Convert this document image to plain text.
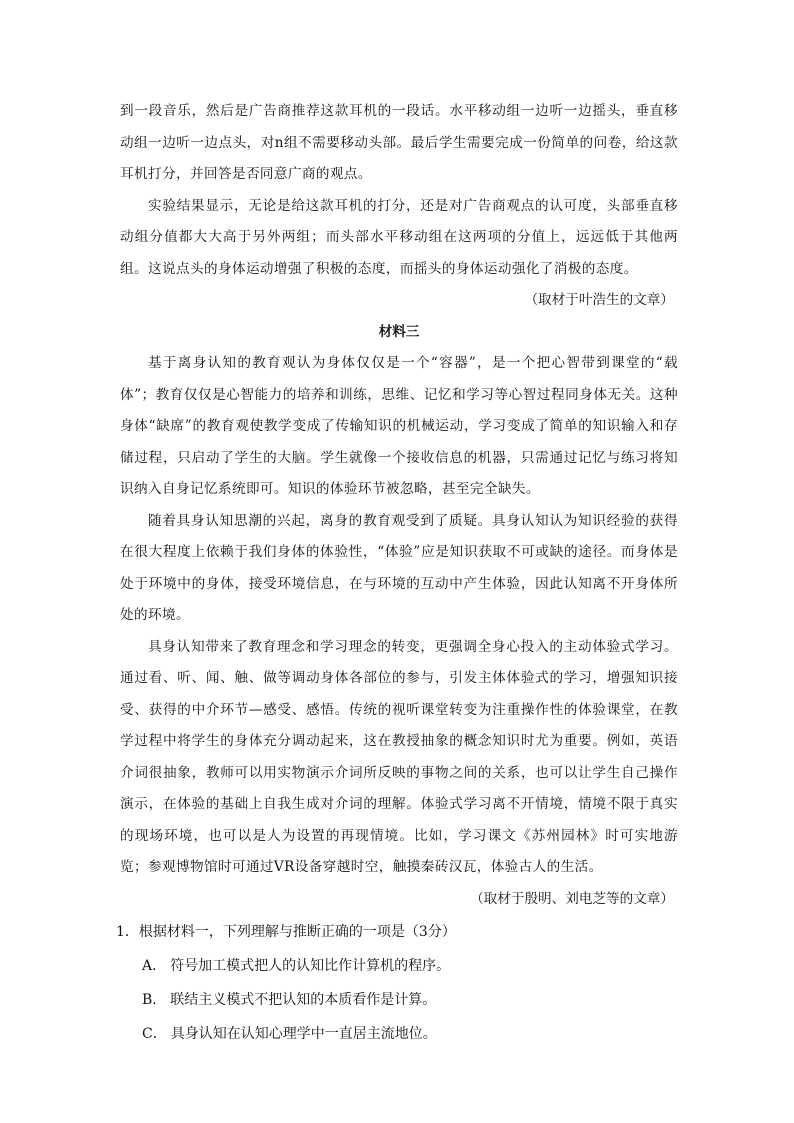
到一段音乐，然后是广告商推荐这款耳机的一段话。水平移动组一边听一边摇头，垂直移动组一边听一边点头，对n组不需要移动头部。最后学生需要完成一份简单的问卷，给这款耳机打分，并回答是否同意广商的观点。

实验结果显示，无论是给这款耳机的打分，还是对广告商观点的认可度，头部垂直移动组分值都大大高于另外两组；而头部水平移动组在这两项的分值上，远远低于其他两组。这说点头的身体运动增强了积极的态度，而摇头的身体运动强化了消极的态度。

（取材于叶浩生的文章）

材料三

基于离身认知的教育观认为身体仅仅是一个“容器”，是一个把心智带到课堂的“载体”；教育仅仅是心智能力的培养和训练，思维、记忆和学习等心智过程同身体无关。这种身体“缺席”的教育观使教学变成了传输知识的机械运动，学习变成了简单的知识输入和存储过程，只启动了学生的大脑。学生就像一个接收信息的机器，只需通过记忆与练习将知识纳入自身记忆系统即可。知识的体验环节被忽略，甚至完全缺失。

随着具身认知思潮的兴起，离身的教育观受到了质疑。具身认知认为知识经验的获得在很大程度上依赖于我们身体的体验性，“体验”应是知识获取不可或缺的途径。而身体是处于环境中的身体，接受环境信息，在与环境的互动中产生体验，因此认知离不开身体所处的环境。

具身认知带来了教育理念和学习理念的转变，更强调全身心投入的主动体验式学习。通过看、听、闻、触、做等调动身体各部位的参与，引发主体体验式的学习，增强知识接受、获得的中介环节—感受、感悟。传统的视听课堂转变为注重操作性的体验课堂，在教学过程中将学生的身体充分调动起来，这在教授抽象的概念知识时尤为重要。例如，英语介词很抽象，教师可以用实物演示介词所反映的事物之间的关系，也可以让学生自己操作演示，在体验的基础上自我生成对介词的理解。体验式学习离不开情境，情境不限于真实的现场环境，也可以是人为设置的再现情境。比如，学习课文《苏州园林》时可实地游览；参观博物馆时可通过VR设备穿越时空，触摸秦砖汉瓦，体验古人的生活。

（取材于殷明、刘电芝等的文章）

1．根据材料一，下列理解与推断正确的一项是（3分）

A． 符号加工模式把人的认知比作计算机的程序。

B． 联结主义模式不把认知的本质看作是计算。

C． 具身认知在认知心理学中一直居主流地位。
